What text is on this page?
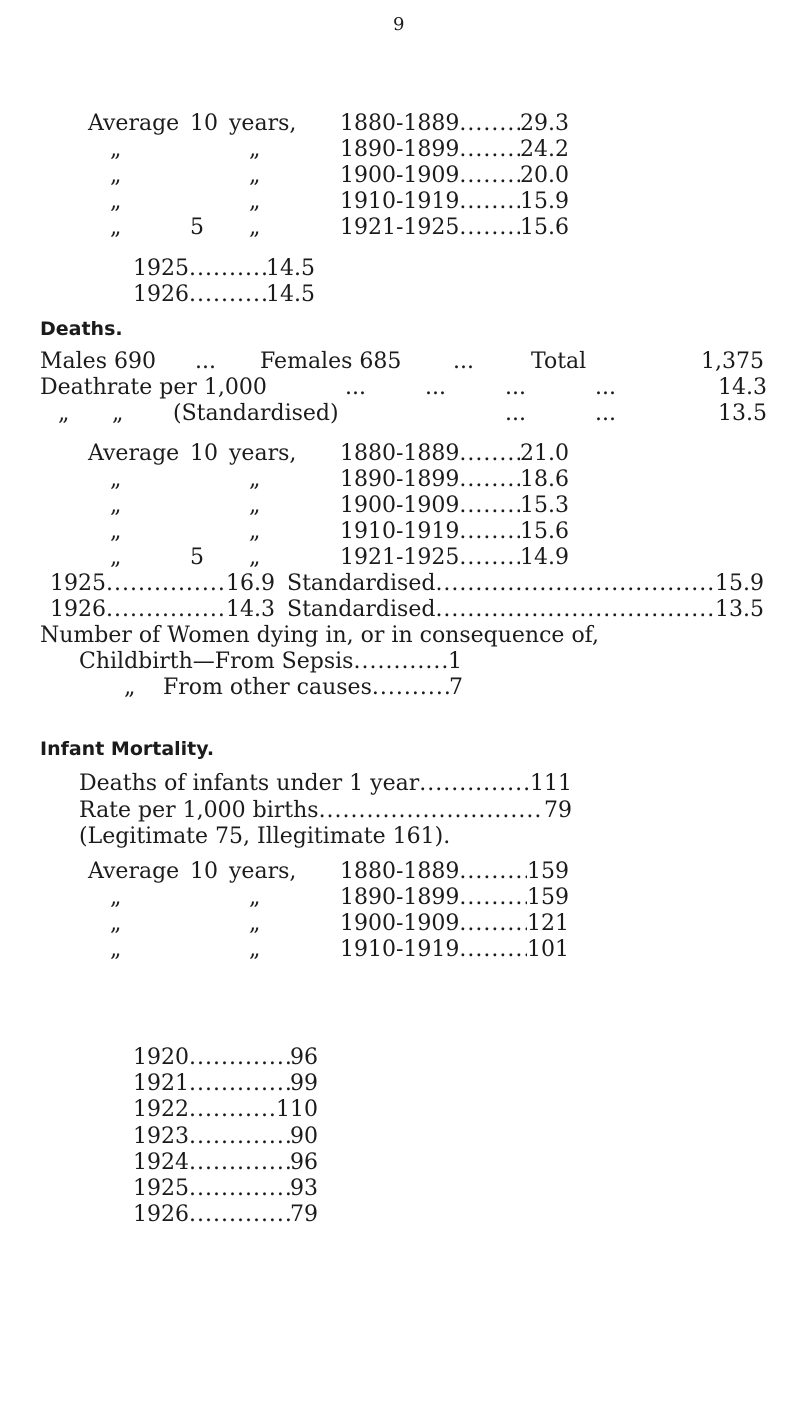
9
Average 10 years, 1880-1889 .....	29.3
„	„	1890-1899 .....	24.2
„	„	1900-1909 .....	20.0
„	„	1910-1919 .....	15.9
„	5 „	1921-1925 .....	15.6
1925 .....	14.5
1926 .....	14.5
Deaths.
Males 690 ... Females 685 ...	Total	1,375
Deathrate per 1,000	...	...	...	...	14.3
„ „ (Standardised)	...	...	13.5
Average 10 years, 1880-1889 .....	21.0
„	„	1890-1899 .....	18.6
„	„	1900-1909 .....	15.3
„	„	1910-1919 .....	15.6
„	5 „	1921-1925 .....	14.9
1925 .....	16.9 Standardised .....	15.9
1926 .....	14.3 Standardised .....	13.5
Number of Women dying in, or in consequence of,
Childbirth—From Sepsis .....	1
„ From other causes .....	7
Infant Mortality.
Deaths of infants under 1 year .....	111
Rate per 1,000 births .....	79
(Legitimate 75, Illegitimate 161).
Average 10 years, 1880-1889 .....	159
„	„	1890-1899 .....	159
„	„	1900-1909 .....	121
„	„	1910-1919 .....	101
1920 .....	96
1921 .....	99
1922 .....	110
1923 .....	90
1924 .....	96
1925 .....	93
1926 .....	79
